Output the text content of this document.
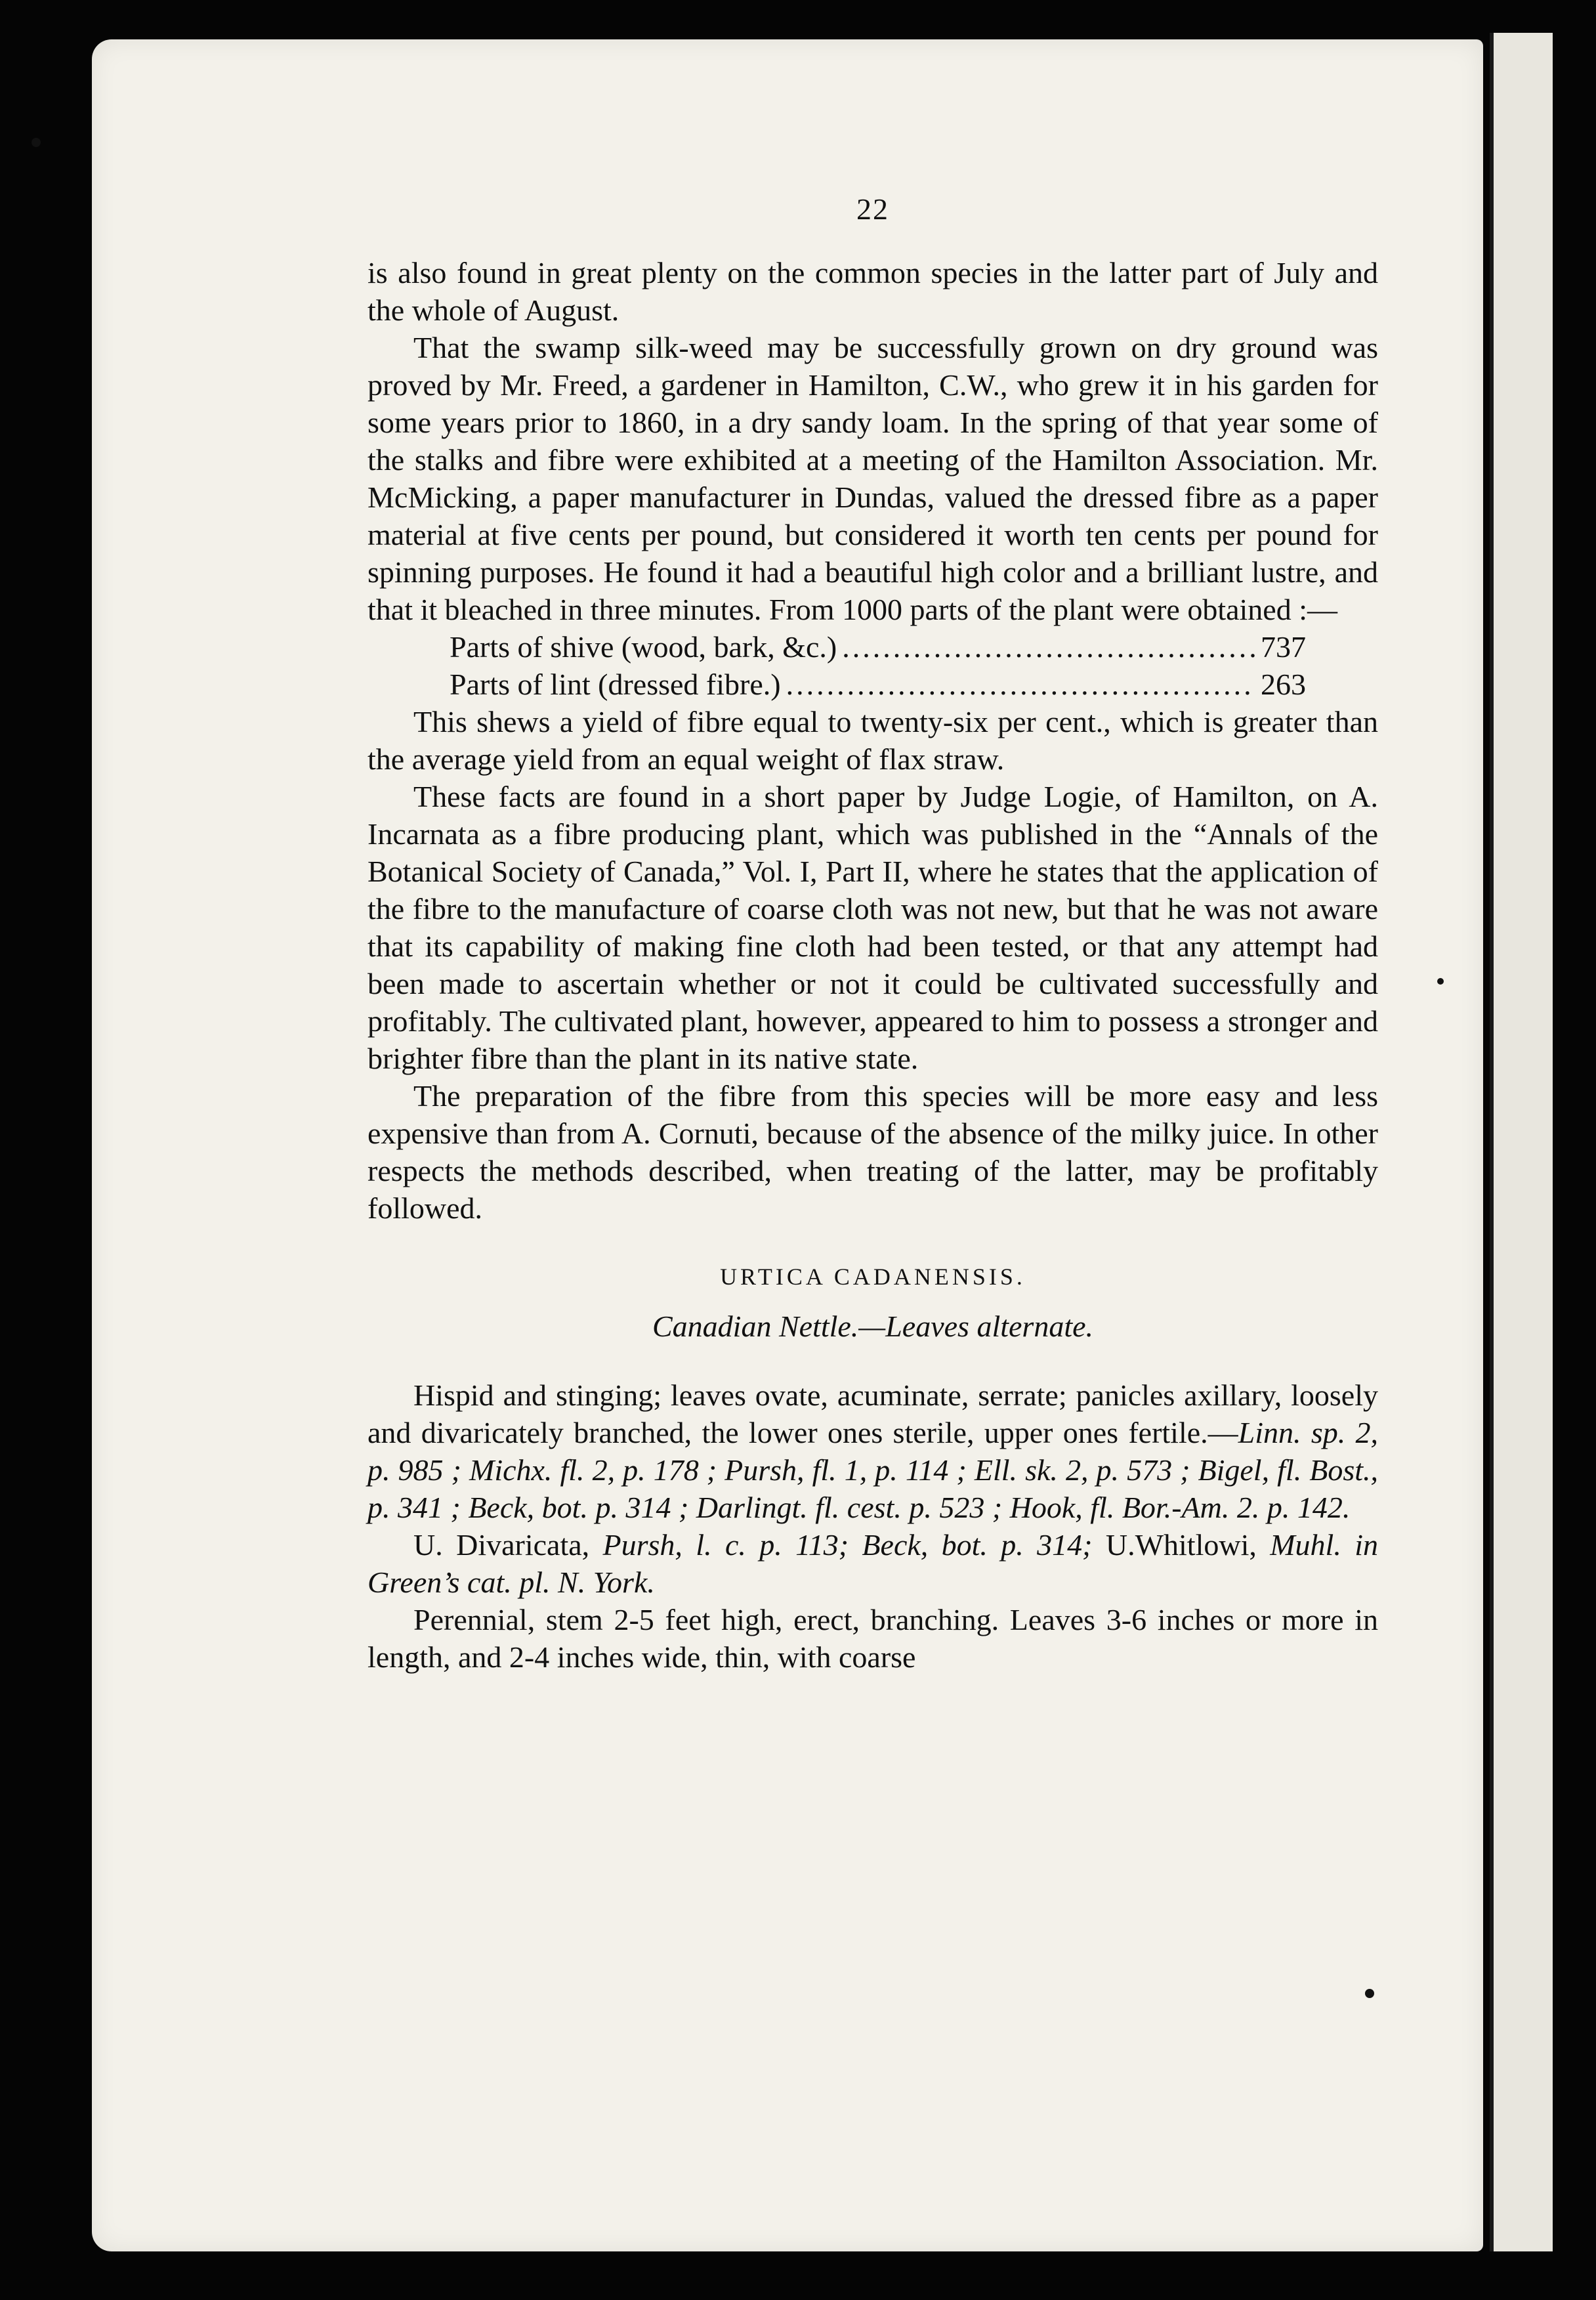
22

is also found in great plenty on the common species in the latter part of July and the whole of August.

That the swamp silk-weed may be successfully grown on dry ground was proved by Mr. Freed, a gardener in Hamilton, C.W., who grew it in his garden for some years prior to 1860, in a dry sandy loam. In the spring of that year some of the stalks and fibre were exhibited at a meeting of the Hamilton Association. Mr. McMicking, a paper manufacturer in Dundas, valued the dressed fibre as a paper material at five cents per pound, but considered it worth ten cents per pound for spinning purposes. He found it had a beautiful high color and a brilliant lustre, and that it bleached in three minutes. From 1000 parts of the plant were obtained :—

Parts of shive (wood, bark, &c.) .....	737
Parts of lint (dressed fibre.) .....	263

This shews a yield of fibre equal to twenty-six per cent., which is greater than the average yield from an equal weight of flax straw.

These facts are found in a short paper by Judge Logie, of Hamilton, on A. Incarnata as a fibre producing plant, which was published in the “Annals of the Botanical Society of Canada,” Vol. I, Part II, where he states that the application of the fibre to the manufacture of coarse cloth was not new, but that he was not aware that its capability of making fine cloth had been tested, or that any attempt had been made to ascertain whether or not it could be cultivated successfully and profitably. The cultivated plant, however, appeared to him to possess a stronger and brighter fibre than the plant in its native state.

The preparation of the fibre from this species will be more easy and less expensive than from A. Cornuti, because of the absence of the milky juice. In other respects the methods described, when treating of the latter, may be profitably followed.

URTICA CADANENSIS.
Canadian Nettle.—Leaves alternate.

Hispid and stinging; leaves ovate, acuminate, serrate; panicles axillary, loosely and divaricately branched, the lower ones sterile, upper ones fertile.—Linn. sp. 2, p. 985 ; Michx. fl. 2, p. 178 ; Pursh, fl. 1, p. 114 ; Ell. sk. 2, p. 573 ; Bigel, fl. Bost., p. 341 ; Beck, bot. p. 314 ; Darlingt. fl. cest. p. 523 ; Hook, fl. Bor.-Am. 2. p. 142.

U. Divaricata, Pursh, l. c. p. 113; Beck, bot. p. 314; U.Whitlowi, Muhl. in Green’s cat. pl. N. York.

Perennial, stem 2-5 feet high, erect, branching. Leaves 3-6 inches or more in length, and 2-4 inches wide, thin, with coarse
